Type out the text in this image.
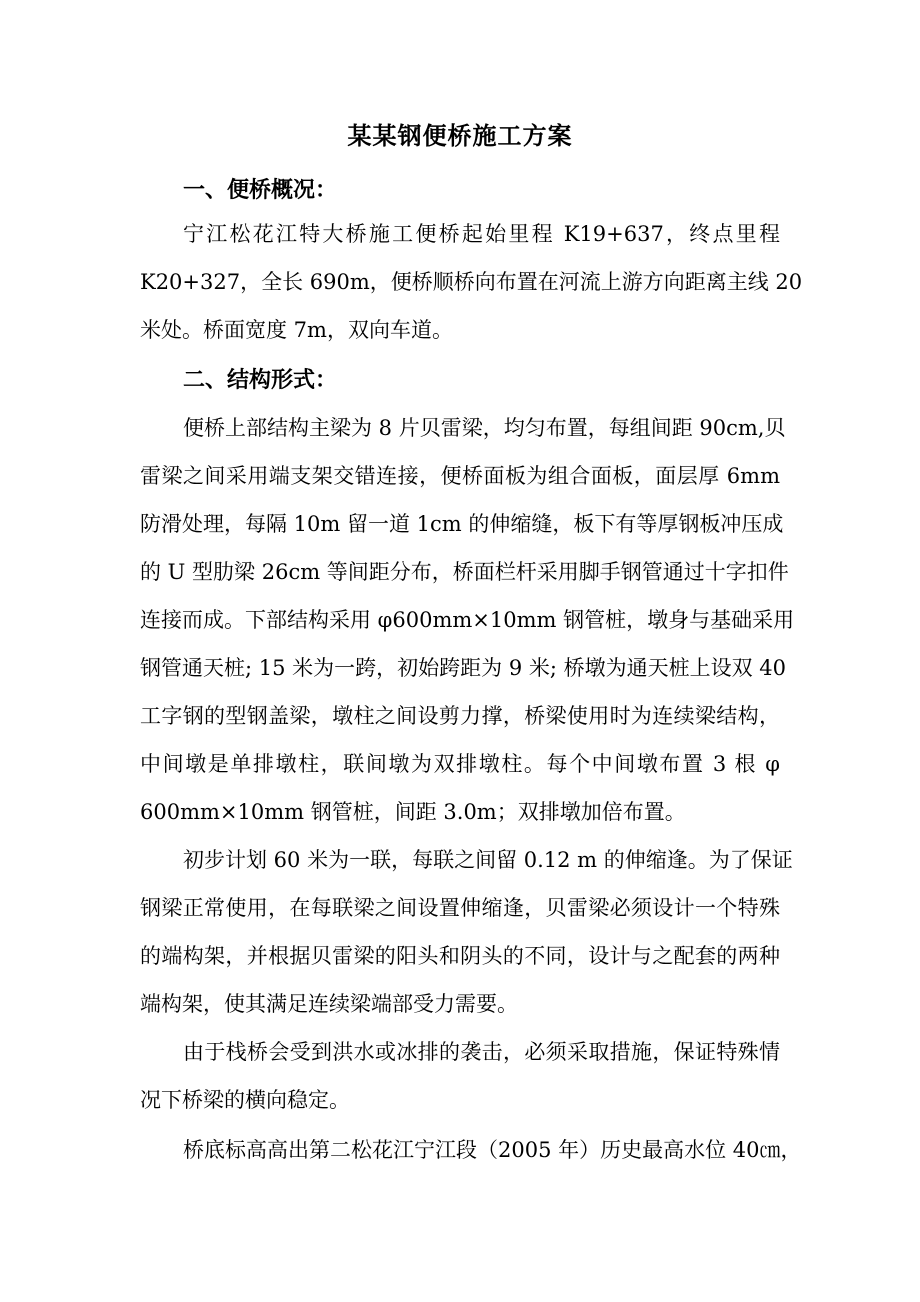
某某钢便桥施工方案
一、便桥概况：
宁江松花江特大桥施工便桥起始里程 K19+637，终点里程
K20+327，全长 690m，便桥顺桥向布置在河流上游方向距离主线 20
米处。桥面宽度 7m，双向车道。
二、结构形式：
便桥上部结构主梁为 8 片贝雷梁，均匀布置，每组间距 90cm,贝
雷梁之间采用端支架交错连接，便桥面板为组合面板，面层厚 6mm
防滑处理，每隔 10m 留一道 1cm 的伸缩缝，板下有等厚钢板冲压成
的 U 型肋梁 26cm 等间距分布，桥面栏杆采用脚手钢管通过十字扣件
连接而成。下部结构采用 φ600mm×10mm 钢管桩，墩身与基础采用
钢管通天桩; 15 米为一跨，初始跨距为 9 米; 桥墩为通天桩上设双 40
工字钢的型钢盖梁，墩柱之间设剪力撑，桥梁使用时为连续梁结构，
中间墩是单排墩柱，联间墩为双排墩柱。每个中间墩布置 3 根 φ
600mm×10mm 钢管桩，间距 3.0m；双排墩加倍布置。
初步计划 60 米为一联，每联之间留 0.12 m 的伸缩逢。为了保证
钢梁正常使用，在每联梁之间设置伸缩逢，贝雷梁必须设计一个特殊
的端构架，并根据贝雷梁的阳头和阴头的不同，设计与之配套的两种
端构架，使其满足连续梁端部受力需要。
由于栈桥会受到洪水或冰排的袭击，必须采取措施，保证特殊情
况下桥梁的横向稳定。
桥底标高高出第二松花江宁江段（2005 年）历史最高水位 40㎝，
